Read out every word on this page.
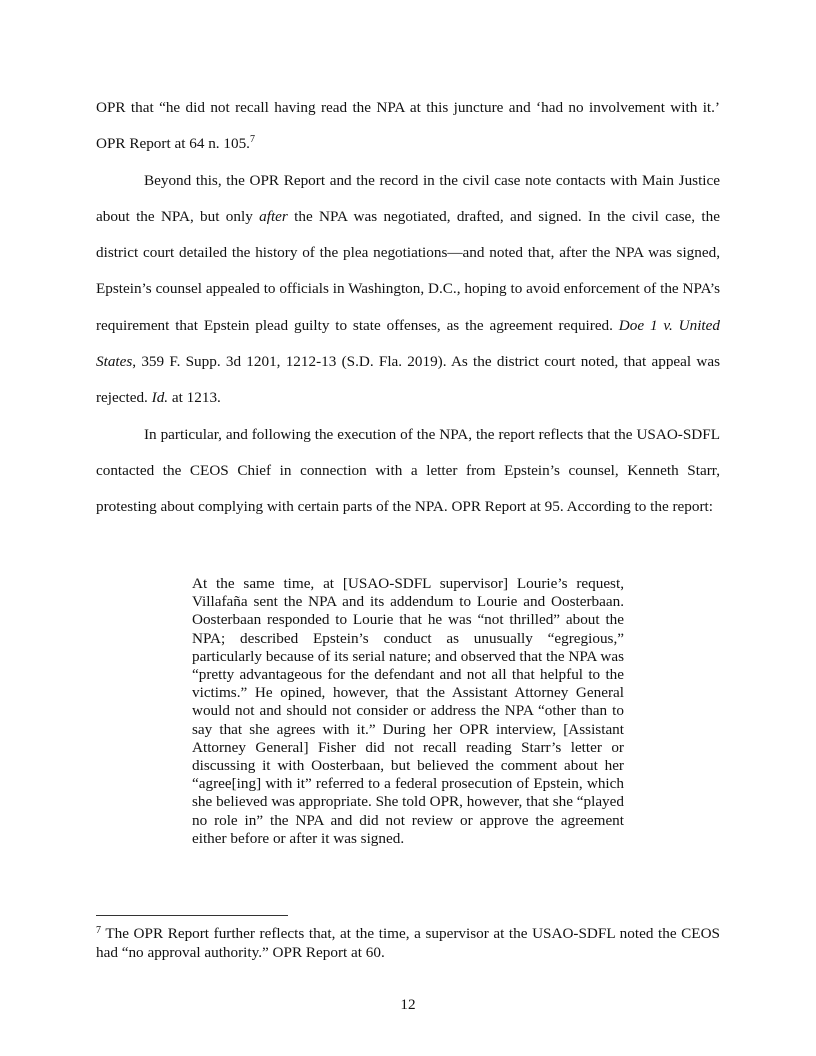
OPR that “he did not recall having read the NPA at this juncture and ‘had no involvement with it.’ OPR Report at 64 n. 105.$^7$

Beyond this, the OPR Report and the record in the civil case note contacts with Main Justice about the NPA, but only after the NPA was negotiated, drafted, and signed. In the civil case, the district court detailed the history of the plea negotiations—and noted that, after the NPA was signed, Epstein’s counsel appealed to officials in Washington, D.C., hoping to avoid enforcement of the NPA’s requirement that Epstein plead guilty to state offenses, as the agreement required. Doe 1 v. United States, 359 F. Supp. 3d 1201, 1212-13 (S.D. Fla. 2019). As the district court noted, that appeal was rejected. Id. at 1213.

In particular, and following the execution of the NPA, the report reflects that the USAO-SDFL contacted the CEOS Chief in connection with a letter from Epstein’s counsel, Kenneth Starr, protesting about complying with certain parts of the NPA. OPR Report at 95. According to the report:

At the same time, at [USAO-SDFL supervisor] Lourie’s request, Villafaña sent the NPA and its addendum to Lourie and Oosterbaan. Oosterbaan responded to Lourie that he was “not thrilled” about the NPA; described Epstein’s conduct as unusually “egregious,” particularly because of its serial nature; and observed that the NPA was “pretty advantageous for the defendant and not all that helpful to the victims.” He opined, however, that the Assistant Attorney General would not and should not consider or address the NPA “other than to say that she agrees with it.” During her OPR interview, [Assistant Attorney General] Fisher did not recall reading Starr’s letter or discussing it with Oosterbaan, but believed the comment about her “agree[ing] with it” referred to a federal prosecution of Epstein, which she believed was appropriate. She told OPR, however, that she “played no role in” the NPA and did not review or approve the agreement either before or after it was signed.

$^7$ The OPR Report further reflects that, at the time, a supervisor at the USAO-SDFL noted the CEOS had “no approval authority.” OPR Report at 60.

12
